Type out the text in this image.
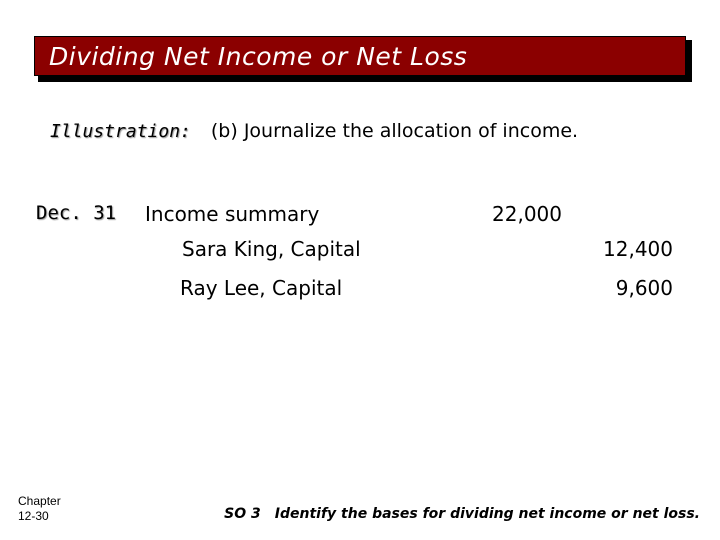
Dividing Net Income or Net Loss
Illustration: (b) Journalize the allocation of income.
Dec. 31 Income summary	22,000
Sara King, Capital	12,400
Ray Lee, Capital	9,600
Chapter
12-30	SO 3 Identify the bases for dividing net income or net loss.
